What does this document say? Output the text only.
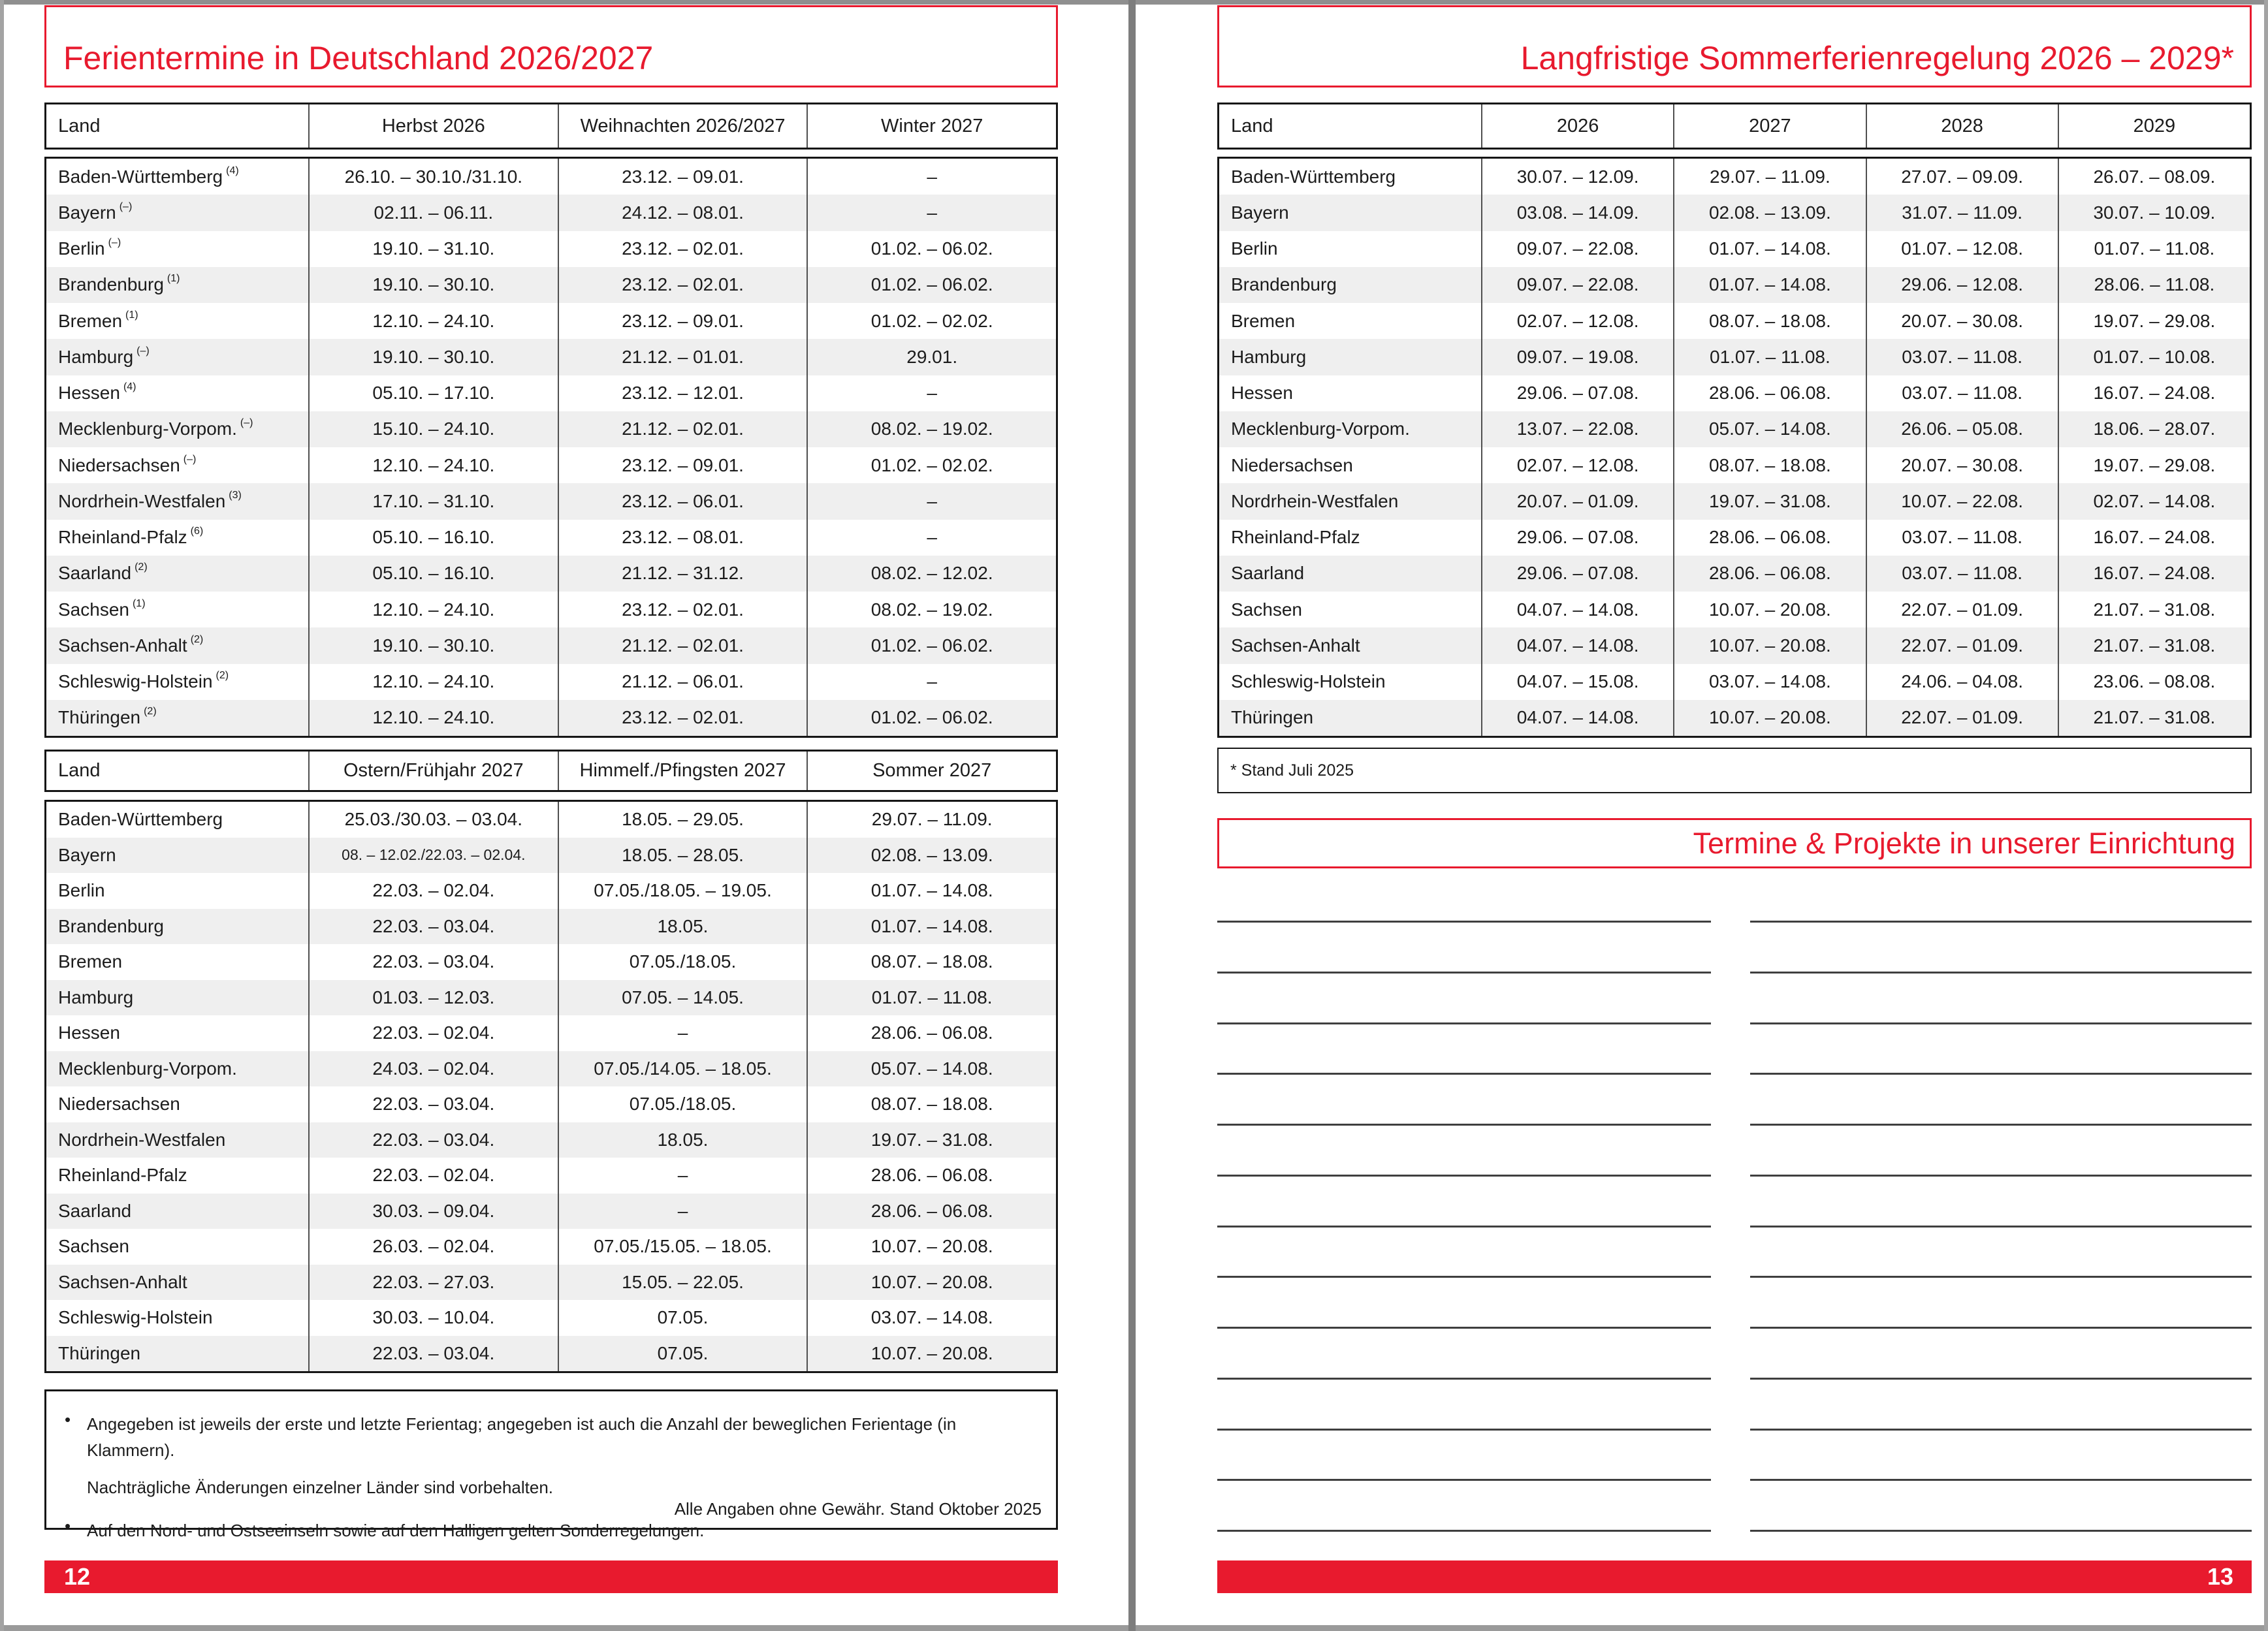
Ferientermine in Deutschland 2026/2027
Land	Herbst 2026	Weihnachten 2026/2027	Winter 2027
Baden-Württemberg $^{(4)}$	26.10. – 30.10./31.10.	23.12. – 09.01.	–
Bayern (–)	02.11. – 06.11.	24.12. – 08.01.	–
Berlin (–)	19.10. – 31.10.	23.12. – 02.01.	01.02. – 06.02.
Brandenburg $^{(1)}$	19.10. – 30.10.	23.12. – 02.01.	01.02. – 06.02.
Bremen $^{(1)}$	12.10. – 24.10.	23.12. – 09.01.	01.02. – 02.02.
Hamburg (–)	19.10. – 30.10.	21.12. – 01.01.	29.01.
Hessen $^{(4)}$	05.10. – 17.10.	23.12. – 12.01.	–
Mecklenburg-Vorpom. (–)	15.10. – 24.10.	21.12. – 02.01.	08.02. – 19.02.
Niedersachsen (–)	12.10. – 24.10.	23.12. – 09.01.	01.02. – 02.02.
Nordrhein-Westfalen $^{(3)}$	17.10. – 31.10.	23.12. – 06.01.	–
Rheinland-Pfalz $^{(6)}$	05.10. – 16.10.	23.12. – 08.01.	–
Saarland $^{(2)}$	05.10. – 16.10.	21.12. – 31.12.	08.02. – 12.02.
Sachsen $^{(1)}$	12.10. – 24.10.	23.12. – 02.01.	08.02. – 19.02.
Sachsen-Anhalt $^{(2)}$	19.10. – 30.10.	21.12. – 02.01.	01.02. – 06.02.
Schleswig-Holstein $^{(2)}$	12.10. – 24.10.	21.12. – 06.01.	–
Thüringen $^{(2)}$	12.10. – 24.10.	23.12. – 02.01.	01.02. – 06.02.
Land	Ostern/Frühjahr 2027	Himmelf./Pfingsten 2027	Sommer 2027
Baden-Württemberg	25.03./30.03. – 03.04.	18.05. – 29.05.	29.07. – 11.09.
Bayern	08. – 12.02./22.03. – 02.04.	18.05. – 28.05.	02.08. – 13.09.
Berlin	22.03. – 02.04.	07.05./18.05. – 19.05.	01.07. – 14.08.
Brandenburg	22.03. – 03.04.	18.05.	01.07. – 14.08.
Bremen	22.03. – 03.04.	07.05./18.05.	08.07. – 18.08.
Hamburg	01.03. – 12.03.	07.05. – 14.05.	01.07. – 11.08.
Hessen	22.03. – 02.04.	–	28.06. – 06.08.
Mecklenburg-Vorpom.	24.03. – 02.04.	07.05./14.05. – 18.05.	05.07. – 14.08.
Niedersachsen	22.03. – 03.04.	07.05./18.05.	08.07. – 18.08.
Nordrhein-Westfalen	22.03. – 03.04.	18.05.	19.07. – 31.08.
Rheinland-Pfalz	22.03. – 02.04.	–	28.06. – 06.08.
Saarland	30.03. – 09.04.	–	28.06. – 06.08.
Sachsen	26.03. – 02.04.	07.05./15.05. – 18.05.	10.07. – 20.08.
Sachsen-Anhalt	22.03. – 27.03.	15.05. – 22.05.	10.07. – 20.08.
Schleswig-Holstein	30.03. – 10.04.	07.05.	03.07. – 14.08.
Thüringen	22.03. – 03.04.	07.05.	10.07. – 20.08.
• Angegeben ist jeweils der erste und letzte Ferientag; angegeben ist auch die Anzahl der beweglichen Ferientage (in Klammern).
Nachträgliche Änderungen einzelner Länder sind vorbehalten.
• Auf den Nord- und Ostseeinseln sowie auf den Halligen gelten Sonderregelungen.
Alle Angaben ohne Gewähr. Stand Oktober 2025
12
Langfristige Sommerferienregelung 2026 – 2029*
Land	2026	2027	2028	2029
Baden-Württemberg	30.07. – 12.09.	29.07. – 11.09.	27.07. – 09.09.	26.07. – 08.09.
Bayern	03.08. – 14.09.	02.08. – 13.09.	31.07. – 11.09.	30.07. – 10.09.
Berlin	09.07. – 22.08.	01.07. – 14.08.	01.07. – 12.08.	01.07. – 11.08.
Brandenburg	09.07. – 22.08.	01.07. – 14.08.	29.06. – 12.08.	28.06. – 11.08.
Bremen	02.07. – 12.08.	08.07. – 18.08.	20.07. – 30.08.	19.07. – 29.08.
Hamburg	09.07. – 19.08.	01.07. – 11.08.	03.07. – 11.08.	01.07. – 10.08.
Hessen	29.06. – 07.08.	28.06. – 06.08.	03.07. – 11.08.	16.07. – 24.08.
Mecklenburg-Vorpom.	13.07. – 22.08.	05.07. – 14.08.	26.06. – 05.08.	18.06. – 28.07.
Niedersachsen	02.07. – 12.08.	08.07. – 18.08.	20.07. – 30.08.	19.07. – 29.08.
Nordrhein-Westfalen	20.07. – 01.09.	19.07. – 31.08.	10.07. – 22.08.	02.07. – 14.08.
Rheinland-Pfalz	29.06. – 07.08.	28.06. – 06.08.	03.07. – 11.08.	16.07. – 24.08.
Saarland	29.06. – 07.08.	28.06. – 06.08.	03.07. – 11.08.	16.07. – 24.08.
Sachsen	04.07. – 14.08.	10.07. – 20.08.	22.07. – 01.09.	21.07. – 31.08.
Sachsen-Anhalt	04.07. – 14.08.	10.07. – 20.08.	22.07. – 01.09.	21.07. – 31.08.
Schleswig-Holstein	04.07. – 15.08.	03.07. – 14.08.	24.06. – 04.08.	23.06. – 08.08.
Thüringen	04.07. – 14.08.	10.07. – 20.08.	22.07. – 01.09.	21.07. – 31.08.
* Stand Juli 2025
Termine & Projekte in unserer Einrichtung
13
